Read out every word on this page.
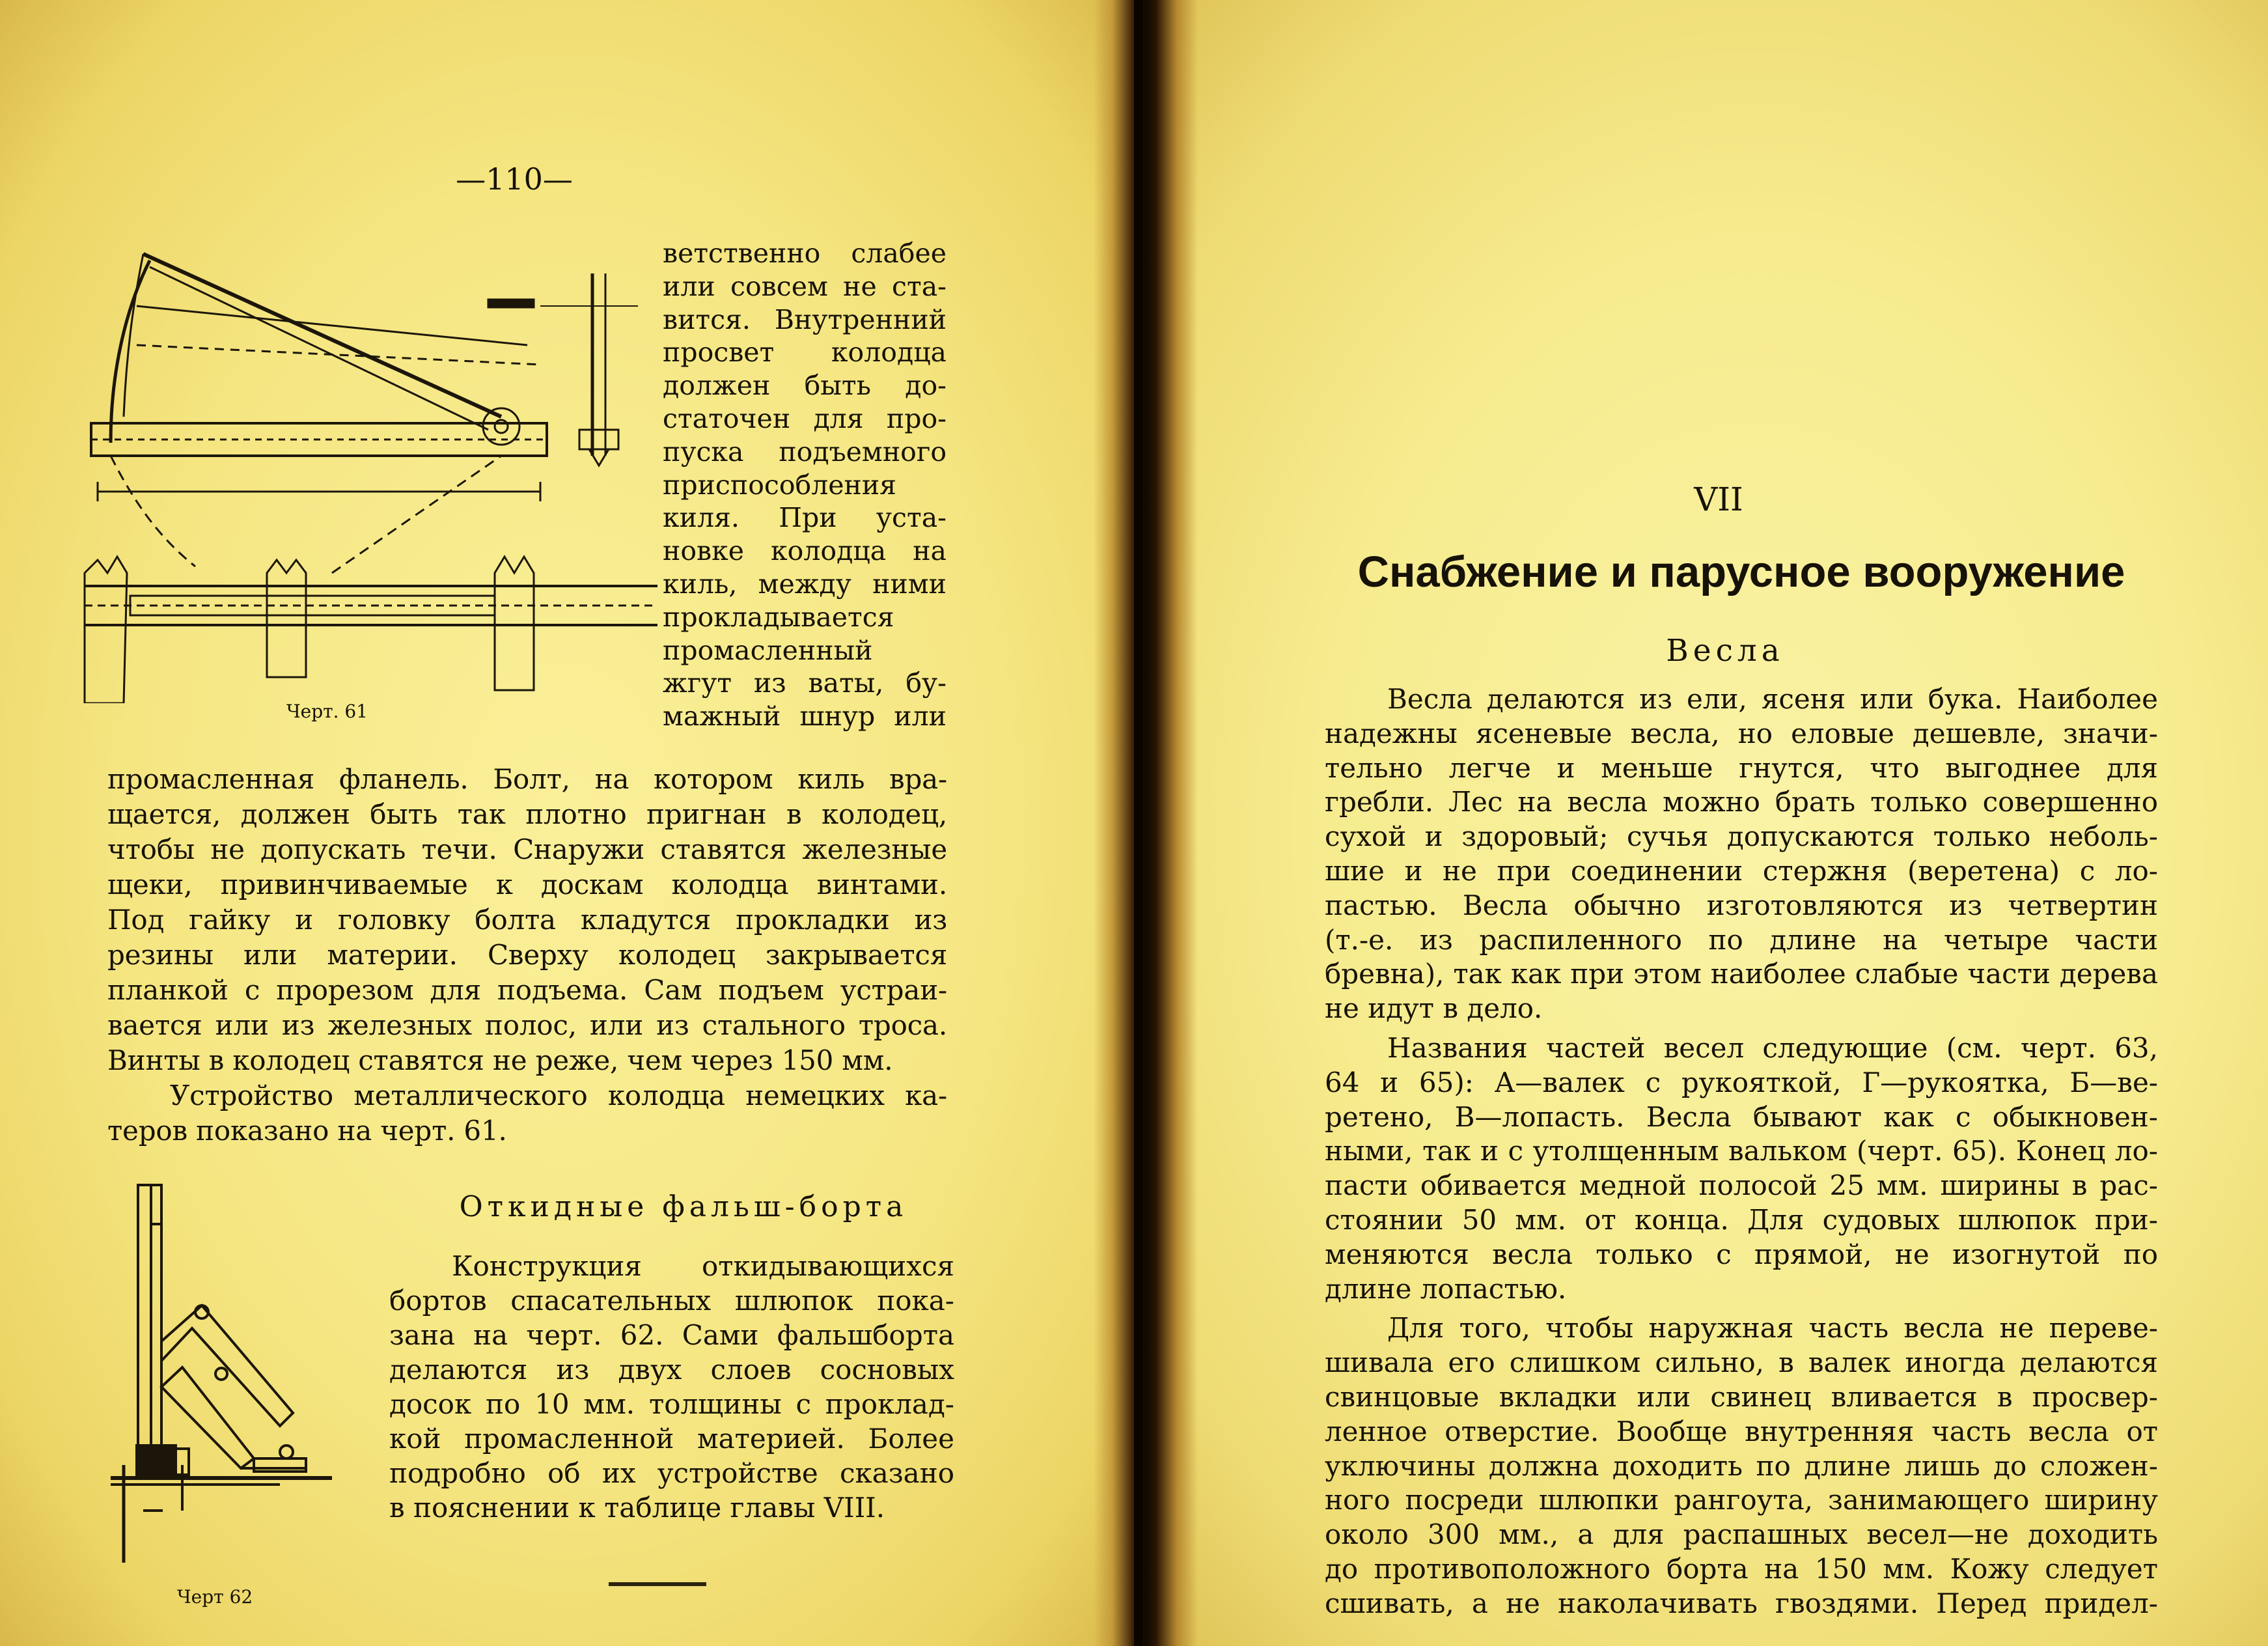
—110—
Черт. 61
ветственно слабее
или совсем не ста-
вится. Внутренний
просвет колодца
должен быть до-
статочен для про-
пуска подъемного
приспособления
киля. При уста-
новке колодца на
киль, между ними
прокладывается
промасленный
жгут из ваты, бу-
мажный шнур или
промасленная фланель. Болт, на котором киль вра-
щается, должен быть так плотно пригнан в колодец,
чтобы не допускать течи. Снаружи ставятся железные
щеки, привинчиваемые к доскам колодца винтами.
Под гайку и головку болта кладутся прокладки из
резины или материи. Сверху колодец закрывается
планкой с прорезом для подъема. Сам подъем устраи-
вается или из железных полос, или из стального троса.
Винты в колодец ставятся не реже, чем через 150 мм.
Устройство металлического колодца немецких ка-
теров показано на черт. 61.
Черт 62
Откидные фальш-борта
Конструкция откидывающихся
бортов спасательных шлюпок пока-
зана на черт. 62. Сами фальшборта
делаются из двух слоев сосновых
досок по 10 мм. толщины с проклад-
кой промасленной материей. Более
подробно об их устройстве сказано
в пояснении к таблице главы VIII.
VII
Снабжение и парусное вооружение
Весла
Весла делаются из ели, ясеня или бука. Наиболее
надежны ясеневые весла, но еловые дешевле, значи-
тельно легче и меньше гнутся, что выгоднее для
гребли. Лес на весла можно брать только совершенно
сухой и здоровый; сучья допускаются только неболь-
шие и не при соединении стержня (веретена) с ло-
пастью. Весла обычно изготовляются из четвертин
(т.-е. из распиленного по длине на четыре части
бревна), так как при этом наиболее слабые части дерева
не идут в дело.
Названия частей весел следующие (см. черт. 63,
64 и 65): А—валек с рукояткой, Г—рукоятка, Б—ве-
ретено, В—лопасть. Весла бывают как с обыкновен-
ными, так и с утолщенным вальком (черт. 65). Конец ло-
пасти обивается медной полосой 25 мм. ширины в рас-
стоянии 50 мм. от конца. Для судовых шлюпок при-
меняются весла только с прямой, не изогнутой по
длине лопастью.
Для того, чтобы наружная часть весла не переве-
шивала его слишком сильно, в валек иногда делаются
свинцовые вкладки или свинец вливается в просвер-
ленное отверстие. Вообще внутренняя часть весла от
уключины должна доходить по длине лишь до сложен-
ного посреди шлюпки рангоута, занимающего ширину
около 300 мм., а для распашных весел—не доходить
до противоположного борта на 150 мм. Кожу следует
сшивать, а не наколачивать гвоздями. Перед придел-
